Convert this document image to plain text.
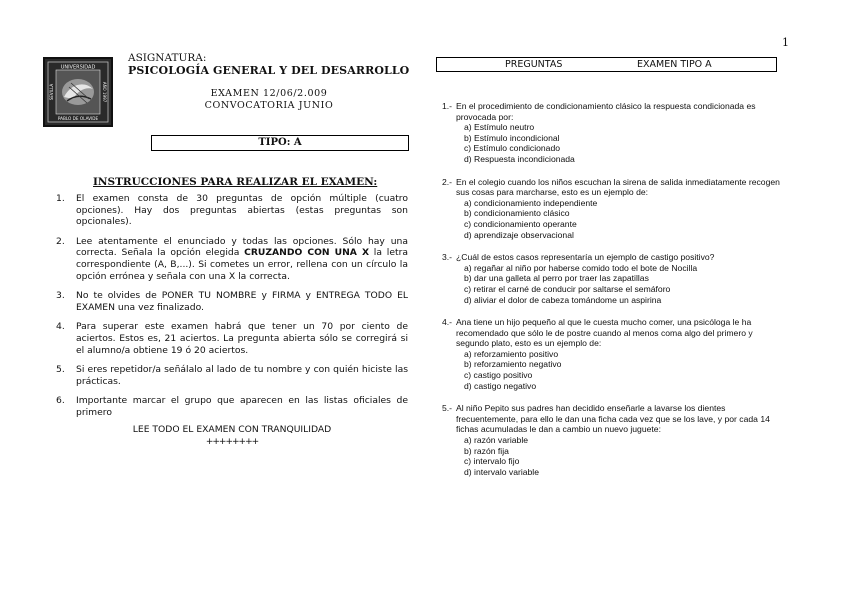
1
UNIVERSIDAD
PABLO DE OLAVIDE
SEVILLA	AÑO 1997
ASIGNATURA:
PSICOLOGÍA GENERAL Y DEL DESARROLLO
EXAMEN 12/06/2.009
CONVOCATORIA JUNIO
TIPO: A
INSTRUCCIONES PARA REALIZAR EL EXAMEN:
1.	El examen consta de 30 preguntas de opción múltiple (cuatro opciones). Hay dos preguntas abiertas (estas preguntas son opcionales).
2.	Lee atentamente el enunciado y todas las opciones. Sólo hay una correcta. Señala la opción elegida CRUZANDO CON UNA X la letra correspondiente (A, B,...). Si cometes un error, rellena con un círculo la opción errónea y señala con una X la correcta.
3.	No te olvides de PONER TU NOMBRE y FIRMA y ENTREGA TODO EL EXAMEN una vez finalizado.
4.	Para superar este examen habrá que tener un 70 por ciento de aciertos. Estos es, 21 aciertos. La pregunta abierta sólo se corregirá si el alumno/a obtiene 19 ó 20 aciertos.
5.	Si eres repetidor/a señálalo al lado de tu nombre y con quién hiciste las prácticas.
6.	Importante marcar el grupo que aparecen en las listas oficiales de primero
LEE TODO EL EXAMEN CON TRANQUILIDAD
++++++++
PREGUNTAS	EXAMEN TIPO A
1.- En el procedimiento de condicionamiento clásico la respuesta condicionada es provocada por:
a) Estímulo neutro
b) Estímulo incondicional
c) Estímulo condicionado
d) Respuesta incondicionada
2.- En el colegio cuando los niños escuchan la sirena de salida inmediatamente recogen sus cosas para marcharse, esto es un ejemplo de:
a) condicionamiento independiente
b) condicionamiento clásico
c) condicionamiento operante
d) aprendizaje observacional
3.- ¿Cuál de estos casos representaría un ejemplo de castigo positivo?
a) regañar al niño por haberse comido todo el bote de Nocilla
b) dar una galleta al perro por traer las zapatillas
c) retirar el carné de conducir por saltarse el semáforo
d) aliviar el dolor de cabeza tomándome un aspirina
4.- Ana tiene un hijo pequeño al que le cuesta mucho comer, una psicóloga le ha recomendado que sólo le de postre cuando al menos coma algo del primero y segundo plato, esto es un ejemplo de:
a) reforzamiento positivo
b) reforzamiento negativo
c) castigo positivo
d) castigo negativo
5.- Al niño Pepito sus padres han decidido enseñarle a lavarse los dientes frecuentemente, para ello le dan una ficha cada vez que se los lave, y por cada 14 fichas acumuladas le dan a cambio un nuevo juguete:
a) razón variable
b) razón fija
c) intervalo fijo
d) intervalo variable
